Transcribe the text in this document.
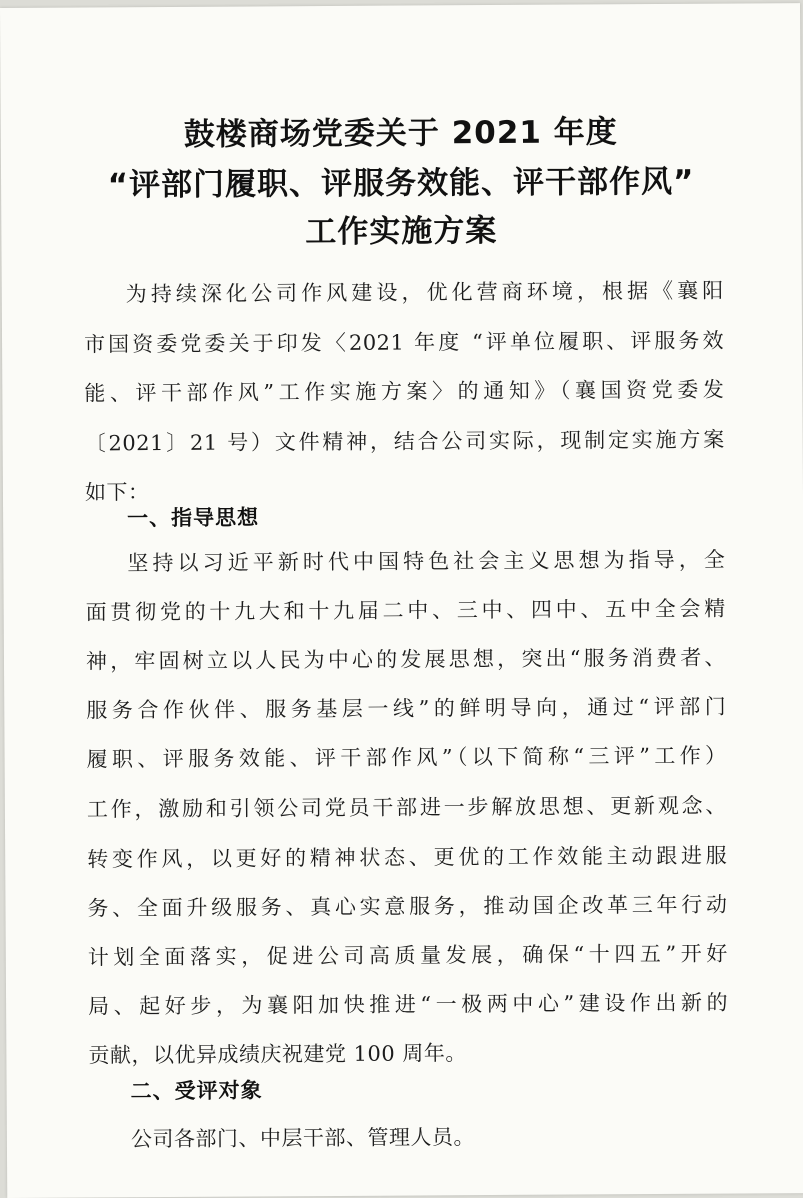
鼓楼商场党委关于 2021 年度
“评部门履职、评服务效能、评干部作风”
工作实施方案
为持续深化公司作风建设，优化营商环境，根据《襄阳
市国资委党委关于印发〈2021 年度 “评单位履职、评服务效
能、评干部作风”工作实施方案〉的通知》（襄国资党委发
〔2021〕21 号）文件精神，结合公司实际，现制定实施方案
如下：
一、指导思想
坚持以习近平新时代中国特色社会主义思想为指导，全
面贯彻党的十九大和十九届二中、三中、四中、五中全会精
神，牢固树立以人民为中心的发展思想，突出“服务消费者、
服务合作伙伴、服务基层一线”的鲜明导向，通过“评部门
履职、评服务效能、评干部作风”（以下简称“三评”工作）
工作，激励和引领公司党员干部进一步解放思想、更新观念、
转变作风，以更好的精神状态、更优的工作效能主动跟进服
务、全面升级服务、真心实意服务，推动国企改革三年行动
计划全面落实，促进公司高质量发展，确保“十四五”开好
局、起好步，为襄阳加快推进“一极两中心”建设作出新的
贡献，以优异成绩庆祝建党 100 周年。
二、受评对象
公司各部门、中层干部、管理人员。
